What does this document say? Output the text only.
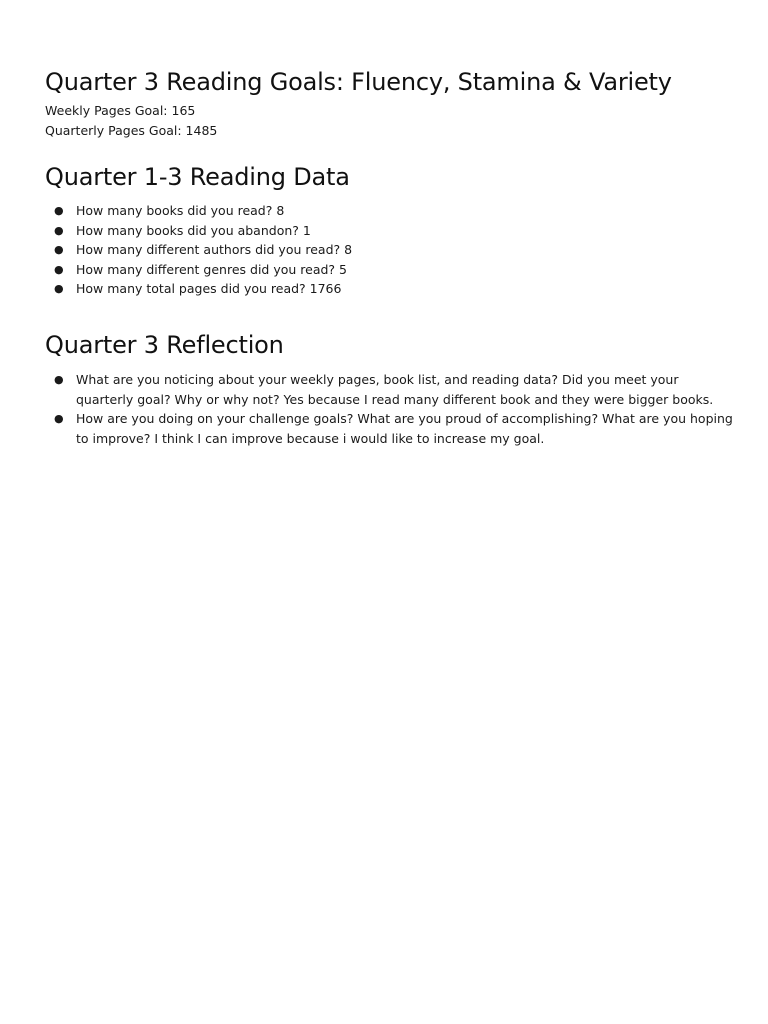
Quarter 3 Reading Goals: Fluency, Stamina & Variety
Weekly Pages Goal: 165
Quarterly Pages Goal: 1485
Quarter 1-3 Reading Data
● How many books did you read? 8
● How many books did you abandon? 1
● How many different authors did you read? 8
● How many different genres did you read? 5
● How many total pages did you read? 1766
Quarter 3 Reflection
● What are you noticing about your weekly pages, book list, and reading data? Did you meet your quarterly goal? Why or why not? Yes because I read many different book and they were bigger books.
● How are you doing on your challenge goals? What are you proud of accomplishing? What are you hoping to improve? I think I can improve because i would like to increase my goal.
